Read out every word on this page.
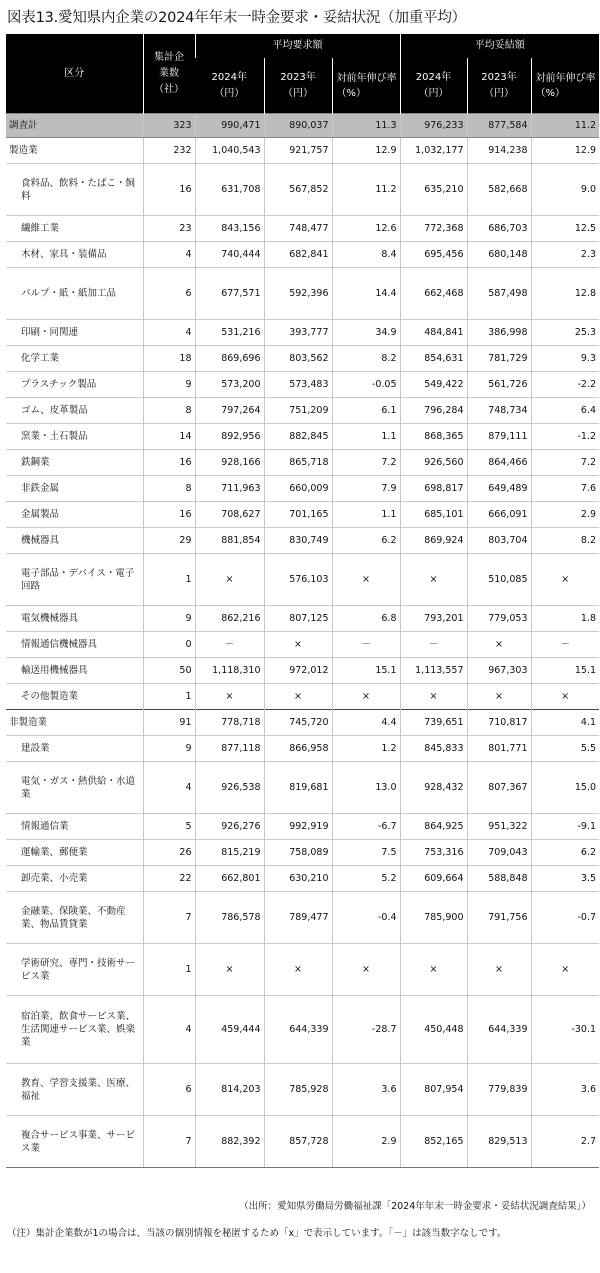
図表13.愛知県内企業の2024年年末一時金要求・妥結状況（加重平均）
区分	集計企業数（社）	平均要求額			平均妥結額		
		2024年（円）	2023年（円）	対前年伸び率（%）	2024年（円）	2023年（円）	対前年伸び率（%）
調査計	323	990,471	890,037	11.3	976,233	877,584	11.2
製造業	232	1,040,543	921,757	12.9	1,032,177	914,238	12.9
食料品、飲料・たばこ・飼料	16	631,708	567,852	11.2	635,210	582,668	9.0
繊維工業	23	843,156	748,477	12.6	772,368	686,703	12.5
木材、家具・装備品	4	740,444	682,841	8.4	695,456	680,148	2.3
パルプ・紙・紙加工品	6	677,571	592,396	14.4	662,468	587,498	12.8
印刷・同関連	4	531,216	393,777	34.9	484,841	386,998	25.3
化学工業	18	869,696	803,562	8.2	854,631	781,729	9.3
プラスチック製品	9	573,200	573,483	-0.05	549,422	561,726	-2.2
ゴム、皮革製品	8	797,264	751,209	6.1	796,284	748,734	6.4
窯業・土石製品	14	892,956	882,845	1.1	868,365	879,111	-1.2
鉄鋼業	16	928,166	865,718	7.2	926,560	864,466	7.2
非鉄金属	8	711,963	660,009	7.9	698,817	649,489	7.6
金属製品	16	708,627	701,165	1.1	685,101	666,091	2.9
機械器具	29	881,854	830,749	6.2	869,924	803,704	8.2
電子部品・デバイス・電子回路	1	×	576,103	×	×	510,085	×
電気機械器具	9	862,216	807,125	6.8	793,201	779,053	1.8
情報通信機械器具	0	－	×	－	－	×	－
輸送用機械器具	50	1,118,310	972,012	15.1	1,113,557	967,303	15.1
その他製造業	1	×	×	×	×	×	×
非製造業	91	778,718	745,720	4.4	739,651	710,817	4.1
建設業	9	877,118	866,958	1.2	845,833	801,771	5.5
電気・ガス・熱供給・水道業	4	926,538	819,681	13.0	928,432	807,367	15.0
情報通信業	5	926,276	992,919	-6.7	864,925	951,322	-9.1
運輸業、郵便業	26	815,219	758,089	7.5	753,316	709,043	6.2
卸売業、小売業	22	662,801	630,210	5.2	609,664	588,848	3.5
金融業、保険業、不動産業、物品賃貸業	7	786,578	789,477	-0.4	785,900	791,756	-0.7
学術研究、専門・技術サービス業	1	×	×	×	×	×	×
宿泊業、飲食サービス業、生活関連サービス業、娯楽業	4	459,444	644,339	-28.7	450,448	644,339	-30.1
教育、学習支援業、医療、福祉	6	814,203	785,928	3.6	807,954	779,839	3.6
複合サービス事業、サービス業	7	882,392	857,728	2.9	852,165	829,513	2.7
（出所：愛知県労働局労働福祉課「2024年年末一時金要求・妥結状況調査結果」）
（注）集計企業数が1の場合は、当該の個別情報を秘匿するため「x」で表示しています。「－」は該当数字なしです。
